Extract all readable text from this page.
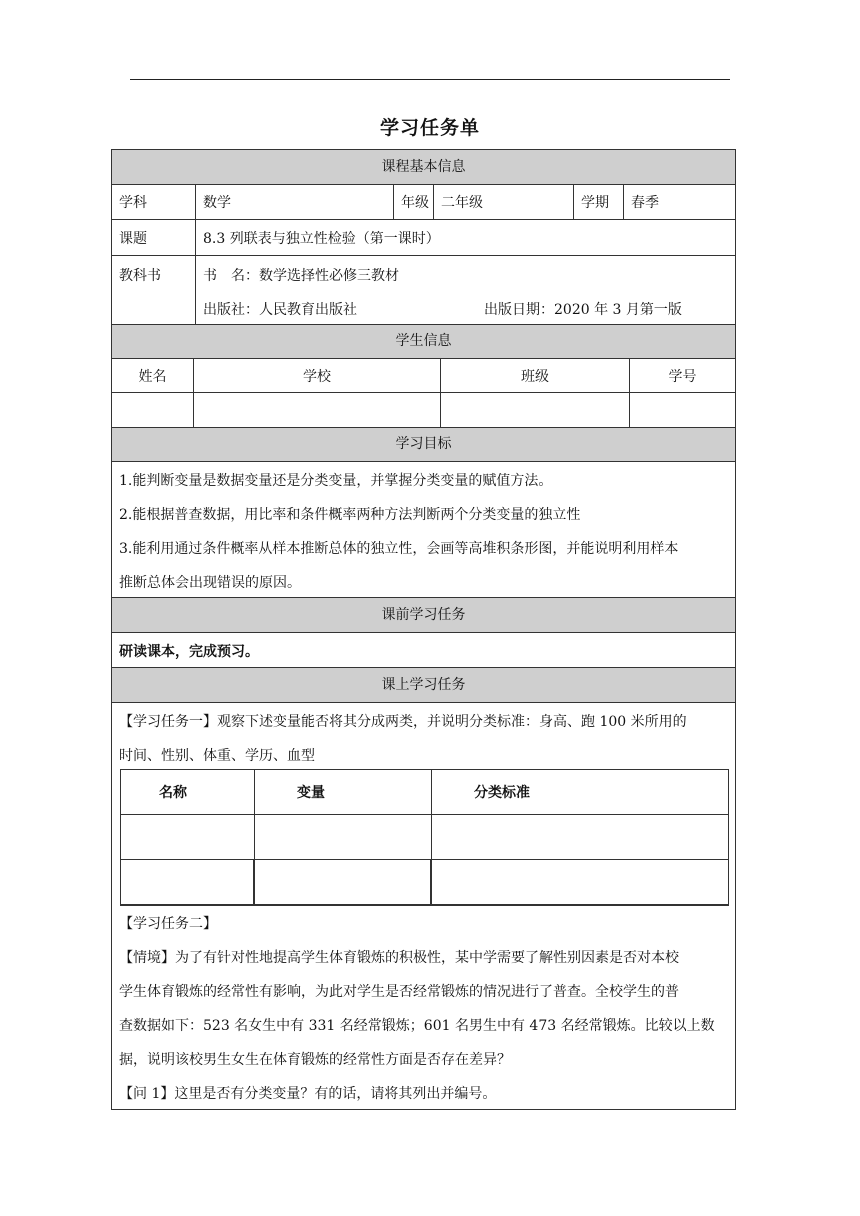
学习任务单
课程基本信息
学科	数学	年级 二年级	学期	春季
课题	8.3 列联表与独立性检验（第一课时）
教科书	书　名：数学选择性必修三教材
出版社：人民教育出版社	出版日期：2020 年 3 月第一版
学生信息
姓名	学校	班级	学号
学习目标
1.能判断变量是数据变量还是分类变量，并掌握分类变量的赋值方法。
2.能根据普查数据，用比率和条件概率两种方法判断两个分类变量的独立性
3.能利用通过条件概率从样本推断总体的独立性，会画等高堆积条形图，并能说明利用样本
推断总体会出现错误的原因。
课前学习任务
研读课本，完成预习。
课上学习任务
【学习任务一】观察下述变量能否将其分成两类，并说明分类标准：身高、跑 100 米所用的
时间、性别、体重、学历、血型
名称	变量	分类标准
【学习任务二】
【情境】为了有针对性地提高学生体育锻炼的积极性，某中学需要了解性别因素是否对本校
学生体育锻炼的经常性有影响，为此对学生是否经常锻炼的情况进行了普查。全校学生的普
查数据如下：523 名女生中有 331 名经常锻炼；601 名男生中有 473 名经常锻炼。比较以上数
据，说明该校男生女生在体育锻炼的经常性方面是否存在差异？
【问 1】这里是否有分类变量？有的话，请将其列出并编号。
